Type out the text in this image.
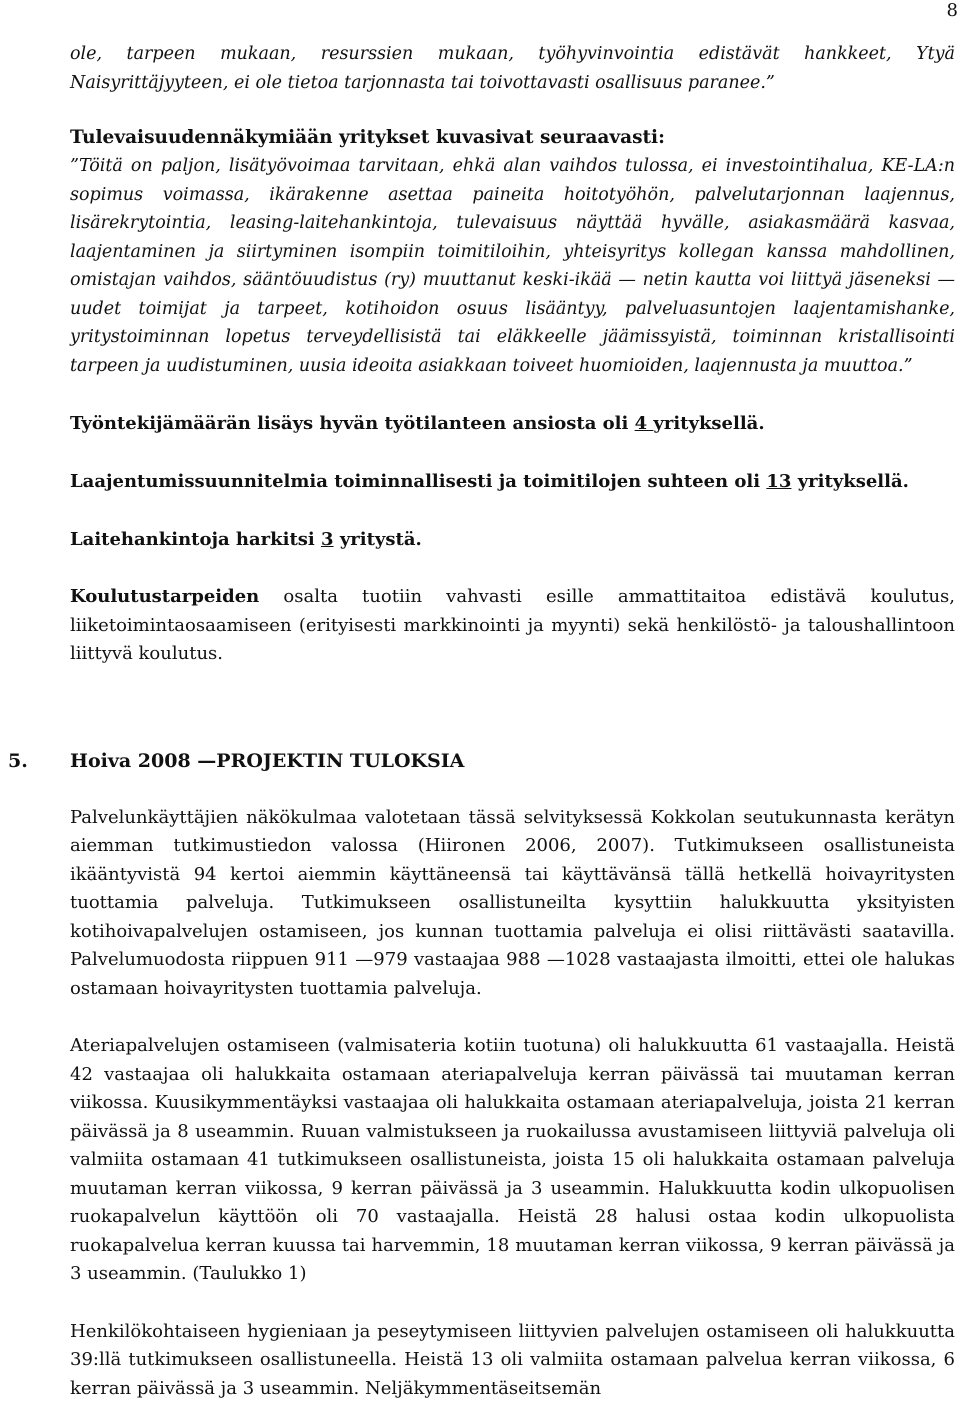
8

ole, tarpeen mukaan, resurssien mukaan, työhyvinvointia edistävät hankkeet, Ytyä Naisyrittäjyyteen, ei ole tietoa tarjonnasta tai toivottavasti osallisuus paranee.”

Tulevaisuudennäkymiään yritykset kuvasivat seuraavasti:

”Töitä on paljon, lisätyövoimaa tarvitaan, ehkä alan vaihdos tulossa, ei investointihalua, KE-LA:n sopimus voimassa, ikärakenne asettaa paineita hoitotyöhön, palvelutarjonnan laajennus, lisärekrytointia, leasing-laitehankintoja, tulevaisuus näyttää hyvälle, asiakasmäärä kasvaa, laajentaminen ja siirtyminen isompiin toimitiloihin, yhteisyritys kollegan kanssa mahdollinen, omistajan vaihdos, sääntöuudistus (ry) muuttanut keski-ikää — netin kautta voi liittyä jäseneksi — uudet toimijat ja tarpeet, kotihoidon osuus lisääntyy, palveluasuntojen laajentamishanke, yritystoiminnan lopetus terveydellisistä tai eläkkeelle jäämissyistä, toiminnan kristallisointi tarpeen ja uudistuminen, uusia ideoita asiakkaan toiveet huomioiden, laajennusta ja muuttoa.”

Työntekijämäärän lisäys hyvän työtilanteen ansiosta oli 4 yrityksellä.

Laajentumissuunnitelmia toiminnallisesti ja toimitilojen suhteen oli 13 yrityksellä.

Laitehankintoja harkitsi 3 yritystä.

Koulutustarpeiden osalta tuotiin vahvasti esille ammattitaitoa edistävä koulutus, liiketoimintaosaamiseen (erityisesti markkinointi ja myynti) sekä henkilöstö- ja taloushallintoon liittyvä koulutus.

5. Hoiva 2008 —PROJEKTIN TULOKSIA

Palvelunkäyttäjien näkökulmaa valotetaan tässä selvityksessä Kokkolan seutukunnasta kerätyn aiemman tutkimustiedon valossa (Hiironen 2006, 2007). Tutkimukseen osallistuneista ikääntyvistä 94 kertoi aiemmin käyttäneensä tai käyttävänsä tällä hetkellä hoivayritysten tuottamia palveluja. Tutkimukseen osallistuneilta kysyttiin halukkuutta yksityisten kotihoivapalvelujen ostamiseen, jos kunnan tuottamia palveluja ei olisi riittävästi saatavilla. Palvelumuodosta riippuen 911 —979 vastaajaa 988 —1028 vastaajasta ilmoitti, ettei ole halukas ostamaan hoivayritysten tuottamia palveluja.

Ateriapalvelujen ostamiseen (valmisateria kotiin tuotuna) oli halukkuutta 61 vastaajalla. Heistä 42 vastaajaa oli halukkaita ostamaan ateriapalveluja kerran päivässä tai muutaman kerran viikossa. Kuusikymmentäyksi vastaajaa oli halukkaita ostamaan ateriapalveluja, joista 21 kerran päivässä ja 8 useammin. Ruuan valmistukseen ja ruokailussa avustamiseen liittyviä palveluja oli valmiita ostamaan 41 tutkimukseen osallistuneista, joista 15 oli halukkaita ostamaan palveluja muutaman kerran viikossa, 9 kerran päivässä ja 3 useammin. Halukkuutta kodin ulkopuolisen ruokapalvelun käyttöön oli 70 vastaajalla. Heistä 28 halusi ostaa kodin ulkopuolista ruokapalvelua kerran kuussa tai harvemmin, 18 muutaman kerran viikossa, 9 kerran päivässä ja 3 useammin. (Taulukko 1)

Henkilökohtaiseen hygieniaan ja peseytymiseen liittyvien palvelujen ostamiseen oli halukkuutta 39:llä tutkimukseen osallistuneella. Heistä 13 oli valmiita ostamaan palvelua kerran viikossa, 6 kerran päivässä ja 3 useammin. Neljäkymmentäseitsemän
